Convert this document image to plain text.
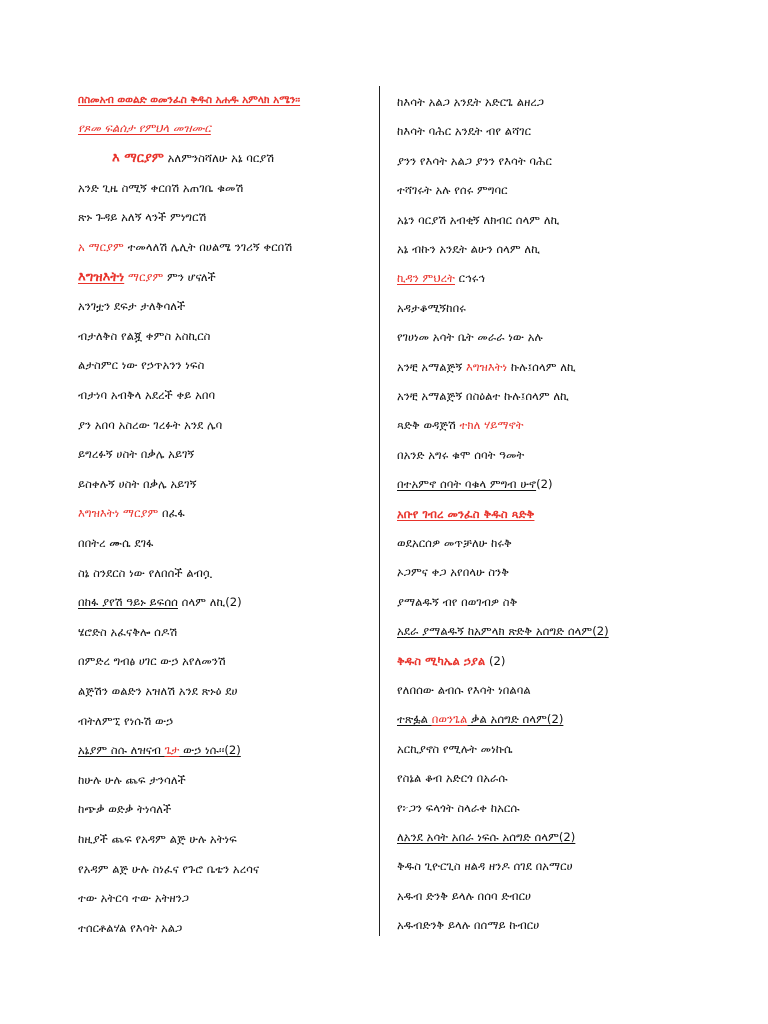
በስመአብ ወወልድ ወመንፈስ ቅዱስ አሐዱ አምላክ አሜን፡፡
የጾመ ፍልሰታ የምህላ መዝሙር
እ ማርያም አለምንስሻለሁ አኔ ባርያሽ
አንድ ጊዜ ስሚኝ ቀርበሽ አጠገቤ ቁመሽ
ጽኑ ጉዳይ አለኝ ላንች ምነግርሽ
አ ማርያም ተመላለሽ ሌሊት በሀልሜ ንገሪኝ ቀርበሽ
እግዝእትነ ማርያም ምን ሆናለች
አንገቷን ደፍታ ታለቅሳለች
ብታለቅስ የልጇ ቀምስ አስኪርስ
ልታስምር ነው የኃጥአንን ነፍስ
ብታነባ አብቅላ አደረች ቀይ አበባ
ያን አበባ አስረው ገረፉት አንደ ሌባ
ይግረፉኝ ሀስት በቃሌ አይገኝ
ይስቀሉኝ ሀስት በቃሌ አይገኝ
እግዝእትነ ማርያም በፈፋ
በበትረ ሙሴ ደገፋ
ስኔ ስንደርስ ነው የለበሰች ልብሷ
በከፋ ያየሽ ዓይኑ ይፍሰሰ ሰላም ለኪ(2)
ሄሮድስ አፈናቅሎ ሰዶሽ
በምድረ ግብፅ ሀገር ውኃ አየለመንሽ
ልጅሽን ወልድን አዝለሽ አንደ ጽኑዕ ደሀ
ብትለምኚ የነሱሽ ውኃ
አኔያም ስሱ ለዝናብ ጌታ ውኃ ነሱ፡፡(2)
ከሁሉ ሁሉ ጨፍ ታንሳለች
ከጭቃ ወድቃ ትነሳለች
ከዚያች ጨፍ የአዳም ልጅ ሁሉ አትነፍ
የአዳም ልጅ ሁሉ ስነፈና የጉሮ ቤቴን አረሳና
ተው አትርሳ ተው አትዘንጋ
ተሰርቶልሃል የእሳት አልጋ
ከእሳት አልጋ አንዴት አድርጌ ልዘረጋ
ከእሳት ባሕር አንዴት ብየ ልሻገር
ያንን የእሳት አልጋ ያንን የእሳት ባሕር
ተሻገሩት አሉ የሰሩ ምግባር
አኔን ባርያሽ አብቂኝ ለክብር ሰላም ለኪ
አኔ ብኩን አንዴት ልሁን ሰላም ለኪ
ኪዳን ምህረት ርኅሩኅ
አዳታቆሚኝከበሩ
የገሀነመ አሳት ቤት መራራ ነው አሉ
አንቺ አማልጅኝ እግዝእትነ ኩሉ፤ሰላም ለኪ
አንቺ አማልጅኝ በስዕልተ ኩሉ፤ሰላም ለኪ
ጻድቅ ወዳጅሽ ተክለ ሃይማኖት
በአንድ አግሩ ቁሞ ሰባት ዓመት
በተአምኖ ሰባት ባቁላ ምግብ ሁኖ(2)
አቡየ ገብረ መንፈስ ቅዱስ ጻድቅ
ወደአርሰዎ መጥቻለሁ ከሩቅ
ኦጋምና ቀጋ አየበላሁ ስንቅ
ያማልዱኝ ብየ በወገብዎ ስቅ
አደራ ያማልዱኝ ከአምላክ ጽድቅ አሰግድ ሰላም(2)
ቅዱስ ሚካኤል ኃያል (2)
የለበሰው ልብሱ የእሳት ነበልባል
ተጽፏል በወንጌል ቃል አሰግድ ሰላም(2)
አርኪያኖስ የሚሉት መነኩሴ
የስኔል ቆብ አድርጎ በአራሱ
የ፦ጋን ፍላጎት ስላራቀ ከአርሱ
ለአንደ አሳት አበራ ነፍሱ አሰግድ ሰላም(2)
ቅዱስ ጊዮርጊስ ዘልዳ ዘንዶ ሰገደ በአማርሀ
አዱብ ድንቅ ይላሉ በሰባ ድብርሀ
አዱብድንቅ ይላሉ በሰማይ ኩብርሀ
